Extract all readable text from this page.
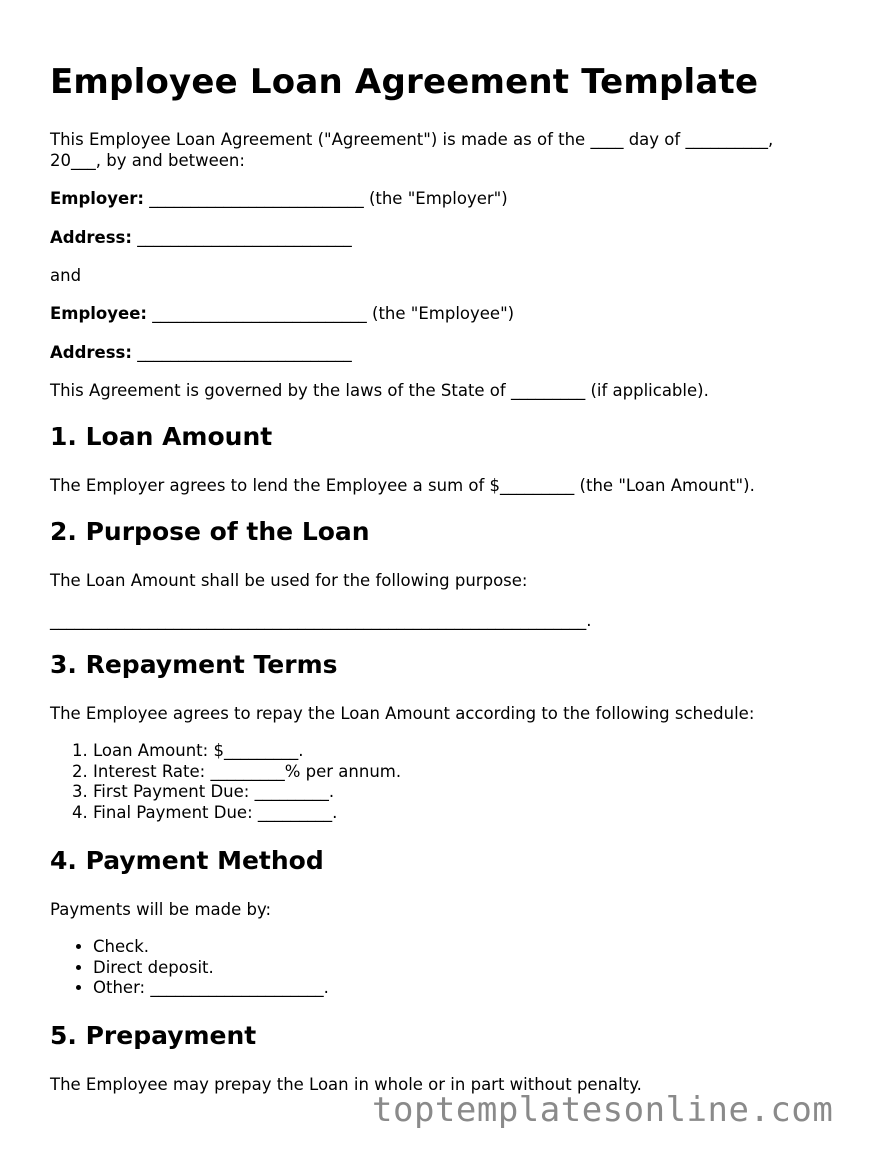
Employee Loan Agreement Template
This Employee Loan Agreement ("Agreement") is made as of the ____ day of __________,
20___, by and between:
Employer: __________________________ (the "Employer")
Address: __________________________
and
Employee: __________________________ (the "Employee")
Address: __________________________
This Agreement is governed by the laws of the State of _________ (if applicable).
1. Loan Amount
The Employer agrees to lend the Employee a sum of $_________ (the "Loan Amount").
2. Purpose of the Loan
The Loan Amount shall be used for the following purpose:
_________________________________________________________________.
3. Repayment Terms
The Employee agrees to repay the Loan Amount according to the following schedule:
1. Loan Amount: $_________.
2. Interest Rate: _________% per annum.
3. First Payment Due: _________.
4. Final Payment Due: _________.
4. Payment Method
Payments will be made by:
• Check.
• Direct deposit.
• Other: _____________________.
5. Prepayment
The Employee may prepay the Loan in whole or in part without penalty.
toptemplatesonline.com
